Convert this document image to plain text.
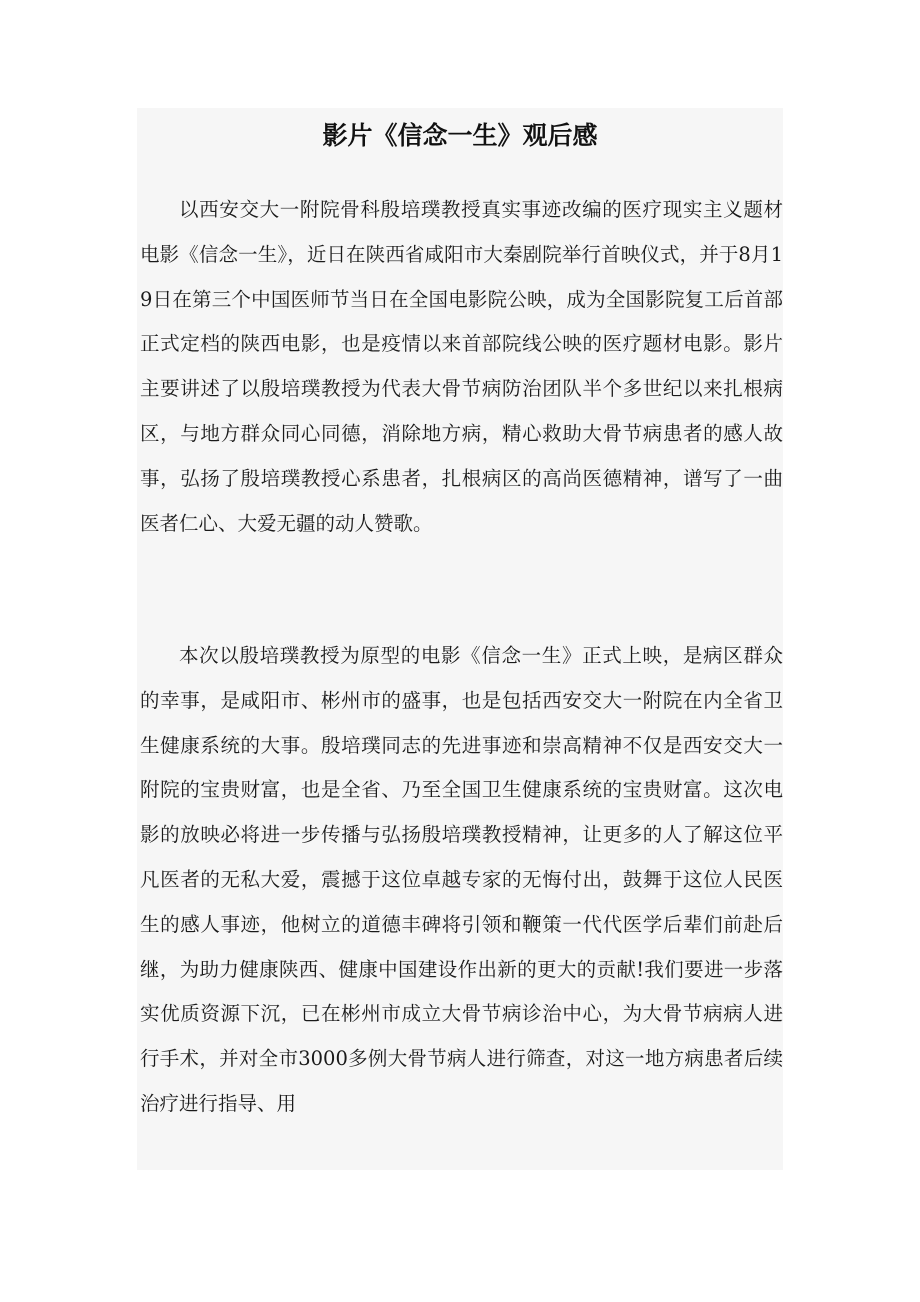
影片《信念一生》观后感

以西安交大一附院骨科殷培璞教授真实事迹改编的医疗现实主义题材电影《信念一生》，近日在陕西省咸阳市大秦剧院举行首映仪式，并于8月19日在第三个中国医师节当日在全国电影院公映，成为全国影院复工后首部正式定档的陕西电影，也是疫情以来首部院线公映的医疗题材电影。影片主要讲述了以殷培璞教授为代表大骨节病防治团队半个多世纪以来扎根病区，与地方群众同心同德，消除地方病，精心救助大骨节病患者的感人故事，弘扬了殷培璞教授心系患者，扎根病区的高尚医德精神，谱写了一曲医者仁心、大爱无疆的动人赞歌。

本次以殷培璞教授为原型的电影《信念一生》正式上映，是病区群众的幸事，是咸阳市、彬州市的盛事，也是包括西安交大一附院在内全省卫生健康系统的大事。殷培璞同志的先进事迹和崇高精神不仅是西安交大一附院的宝贵财富，也是全省、乃至全国卫生健康系统的宝贵财富。这次电影的放映必将进一步传播与弘扬殷培璞教授精神，让更多的人了解这位平凡医者的无私大爱，震撼于这位卓越专家的无悔付出，鼓舞于这位人民医生的感人事迹，他树立的道德丰碑将引领和鞭策一代代医学后辈们前赴后继，为助力健康陕西、健康中国建设作出新的更大的贡献!我们要进一步落实优质资源下沉，已在彬州市成立大骨节病诊治中心，为大骨节病病人进行手术，并对全市3000多例大骨节病人进行筛查，对这一地方病患者后续治疗进行指导、用
